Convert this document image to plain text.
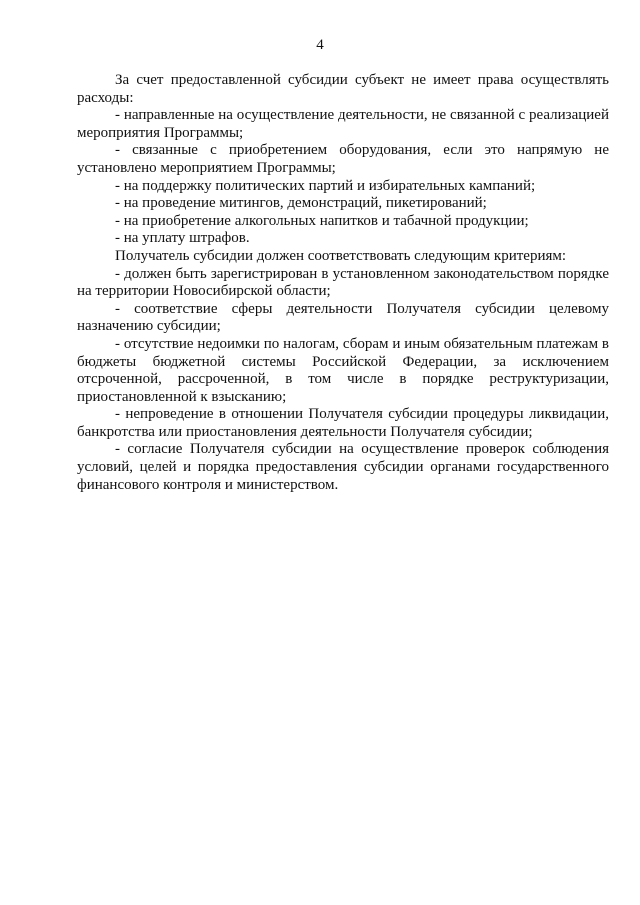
4

За счет предоставленной субсидии субъект не имеет права осуществлять расходы:

- направленные на осуществление деятельности, не связанной с реализацией мероприятия Программы;

- связанные с приобретением оборудования, если это напрямую не установлено мероприятием Программы;

- на поддержку политических партий и избирательных кампаний;

- на проведение митингов, демонстраций, пикетирований;

- на приобретение алкогольных напитков и табачной продукции;

- на уплату штрафов.

Получатель субсидии должен соответствовать следующим критериям:

- должен быть зарегистрирован в установленном законодательством порядке на территории Новосибирской области;

- соответствие сферы деятельности Получателя субсидии целевому назначению субсидии;

- отсутствие недоимки по налогам, сборам и иным обязательным платежам в бюджеты бюджетной системы Российской Федерации, за исключением отсроченной, рассроченной, в том числе в порядке реструктуризации, приостановленной к взысканию;

- непроведение в отношении Получателя субсидии процедуры ликвидации, банкротства или приостановления деятельности Получателя субсидии;

- согласие Получателя субсидии на осуществление проверок соблюдения условий, целей и порядка предоставления субсидии органами государственного финансового контроля и министерством.
